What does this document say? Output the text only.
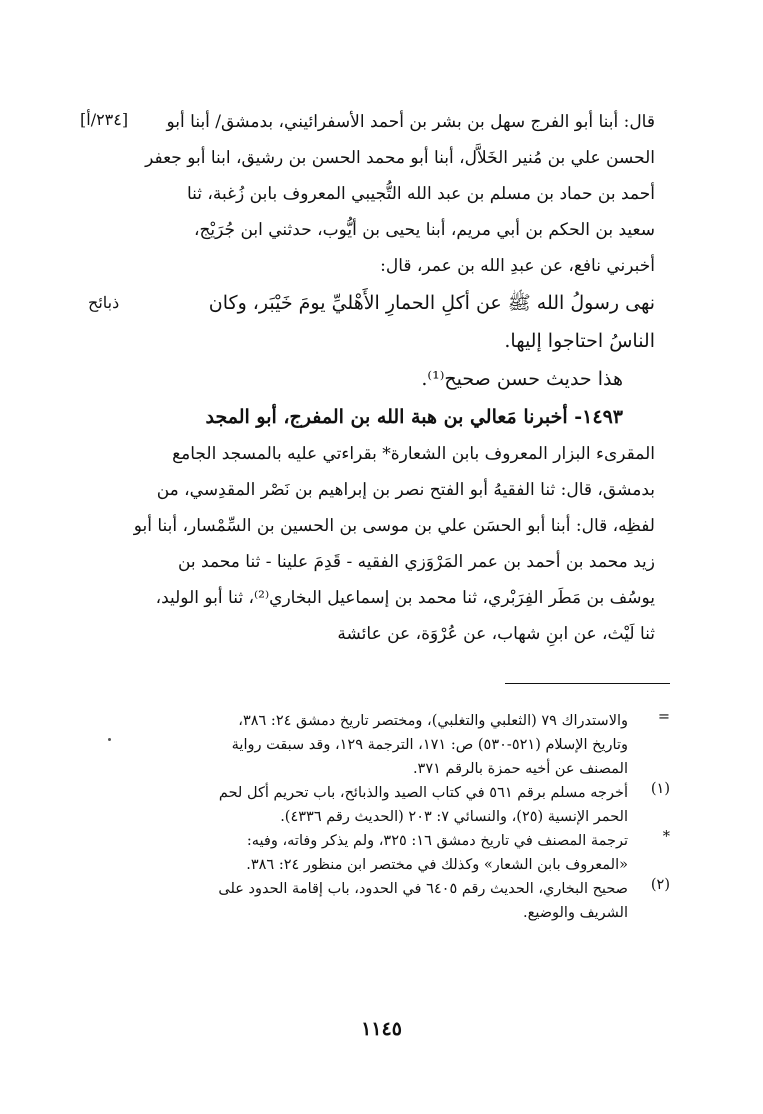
[٢٣٤/أ]
ذبائح
قال: أبنا أبو الفرج سهل بن بشر بن أحمد الأسفرائيني، بدمشق/ أبنا أبو
الحسن علي بن مُنير الخَلاَّل، أبنا أبو محمد الحسن بن رشيق، ابنا أبو جعفر
أحمد بن حماد بن مسلم بن عبد الله التُّجيبي المعروف بابن زُغبة، ثنا
سعيد بن الحكم بن أبي مريم، أبنا يحيى بن أيُّوب، حدثني ابن جُرَيْج،
أخبرني نافع، عن عبدِ الله بن عمر، قال:
نهى رسولُ الله ﷺ عن أكلِ الحمارِ الأَهْليِّ يومَ خَيْبَر، وكان
الناسُ احتاجوا إليها.
هذا حديث حسن صحيح⁽¹⁾.
١٤٩٣- أخبرنا مَعالي بن هبة الله بن المفرج، أبو المجد
المقرىء البزار المعروف بابن الشعارة* بقراءتي عليه بالمسجد الجامع
بدمشق، قال: ثنا الفقيهُ أبو الفتح نصر بن إبراهيم بن نَصْر المقدِسي، من
لفظِه، قال: أبنا أبو الحسَن علي بن موسى بن الحسين بن السِّمْسار، أبنا أبو
زيد محمد بن أحمد بن عمر المَرْوَزي الفقيه - قَدِمَ علينا - ثنا محمد بن
يوسُف بن مَطَر الفِرَبْري، ثنا محمد بن إسماعيل البخاري⁽²⁾، ثنا أبو الوليد،
ثنا لَيْث، عن ابنِ شهاب، عن عُرْوَة، عن عائشة
=
والاستدراك ٧٩ (الثعلبي والتغلبي)، ومختصر تاريخ دمشق ٢٤: ٣٨٦،
وتاريخ الإسلام (٥٢١-٥٣٠) ص: ١٧١، الترجمة ١٢٩، وقد سبقت رواية
المصنف عن أخيه حمزة بالرقم ٣٧١.
(١)
أخرجه مسلم برقم ٥٦١ في كتاب الصيد والذبائح، باب تحريم أكل لحم
الحمر الإنسية (٢٥)، والنسائي ٧: ٢٠٣ (الحديث رقم ٤٣٣٦).
*
ترجمة المصنف في تاريخ دمشق ١٦: ٣٢٥، ولم يذكر وفاته، وفيه:
«المعروف بابن الشعار» وكذلك في مختصر ابن منظور ٢٤: ٣٨٦.
(٢)
صحيح البخاري، الحديث رقم ٦٤٠٥ في الحدود، باب إقامة الحدود على
الشريف والوضيع.
١١٤٥
